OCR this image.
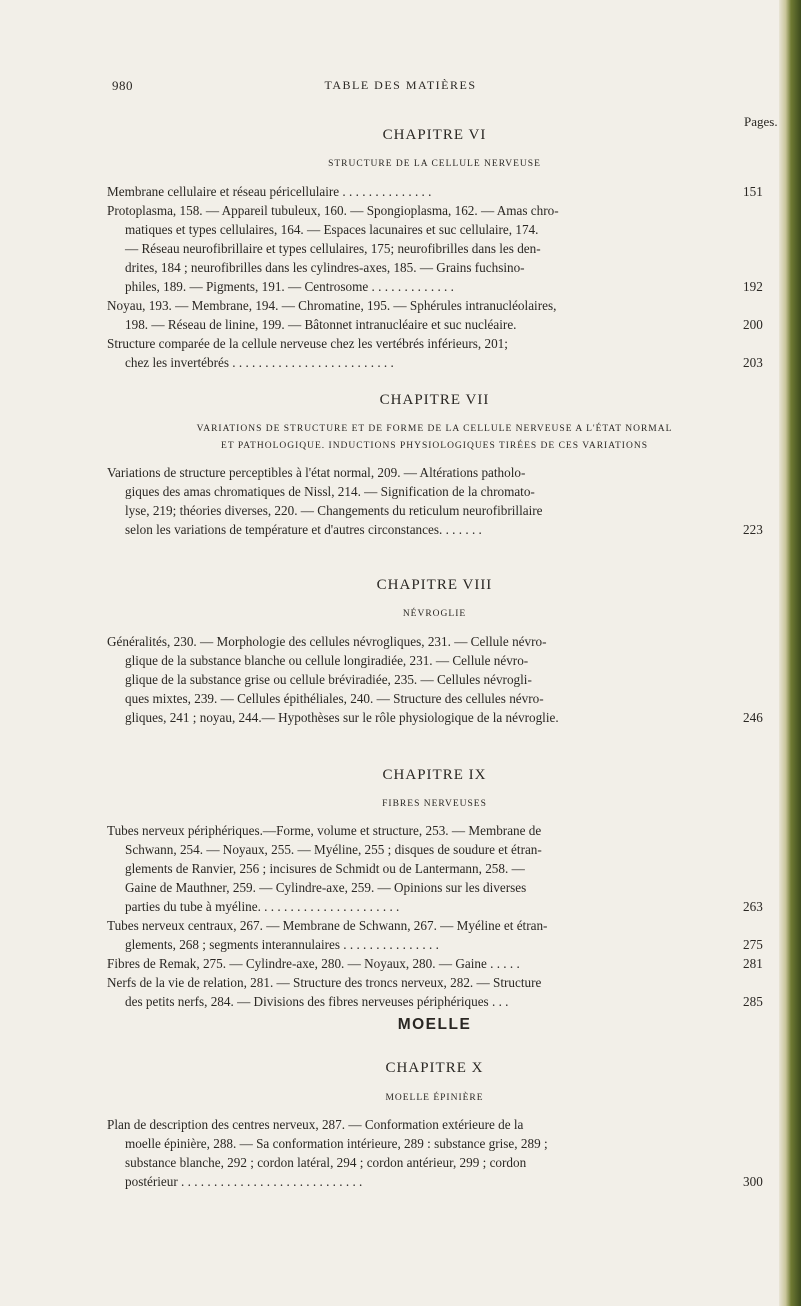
980	TABLE DES MATIÈRES
Pages.
CHAPITRE VI
STRUCTURE DE LA CELLULE NERVEUSE
Membrane cellulaire et réseau péricellulaire . . . . . . . . . . . . . .	151
Protoplasma, 158. — Appareil tubuleux, 160. — Spongioplasma, 162. — Amas chro-
matiques et types cellulaires, 164. — Espaces lacunaires et suc cellulaire, 174.
— Réseau neurofibrillaire et types cellulaires, 175; neurofibrilles dans les den-
drites, 184 ; neurofibrilles dans les cylindres-axes, 185. — Grains fuchsino-
philes, 189. — Pigments, 191. — Centrosome . . . . . . . . . . . . .	192
Noyau, 193. — Membrane, 194. — Chromatine, 195. — Sphérules intranucléolaires,
198. — Réseau de linine, 199. — Bâtonnet intranucléaire et suc nucléaire.	200
Structure comparée de la cellule nerveuse chez les vertébrés inférieurs, 201;
chez les invertébrés . . . . . . . . . . . . . . . . . . . . . . . . .	203
CHAPITRE VII
VARIATIONS DE STRUCTURE ET DE FORME DE LA CELLULE NERVEUSE A L'ÉTAT NORMAL
ET PATHOLOGIQUE. INDUCTIONS PHYSIOLOGIQUES TIRÉES DE CES VARIATIONS
Variations de structure perceptibles à l'état normal, 209. — Altérations patholo-
giques des amas chromatiques de Nissl, 214. — Signification de la chromato-
lyse, 219; théories diverses, 220. — Changements du reticulum neurofibrillaire
selon les variations de température et d'autres circonstances. . . . . . .	223
CHAPITRE VIII
NÉVROGLIE
Généralités, 230. — Morphologie des cellules névrogliques, 231. — Cellule névro-
glique de la substance blanche ou cellule longiradiée, 231. — Cellule névro-
glique de la substance grise ou cellule bréviradiée, 235. — Cellules névrogli-
ques mixtes, 239. — Cellules épithéliales, 240. — Structure des cellules névro-
gliques, 241 ; noyau, 244.— Hypothèses sur le rôle physiologique de la névroglie.	246
CHAPITRE IX
FIBRES NERVEUSES
Tubes nerveux périphériques.—Forme, volume et structure, 253. — Membrane de
Schwann, 254. — Noyaux, 255. — Myéline, 255 ; disques de soudure et étran-
glements de Ranvier, 256 ; incisures de Schmidt ou de Lantermann, 258. —
Gaine de Mauthner, 259. — Cylindre-axe, 259. — Opinions sur les diverses
parties du tube à myéline. . . . . . . . . . . . . . . . . . . . . .	263
Tubes nerveux centraux, 267. — Membrane de Schwann, 267. — Myéline et étran-
glements, 268 ; segments interannulaires . . . . . . . . . . . . . . .	275
Fibres de Remak, 275. — Cylindre-axe, 280. — Noyaux, 280. — Gaine . . . . .	281
Nerfs de la vie de relation, 281. — Structure des troncs nerveux, 282. — Structure
des petits nerfs, 284. — Divisions des fibres nerveuses périphériques . . .	285
MOELLE
CHAPITRE X
MOELLE ÉPINIÈRE
Plan de description des centres nerveux, 287. — Conformation extérieure de la
moelle épinière, 288. — Sa conformation intérieure, 289 : substance grise, 289 ;
substance blanche, 292 ; cordon latéral, 294 ; cordon antérieur, 299 ; cordon
postérieur . . . . . . . . . . . . . . . . . . . . . . . . . . . .	300
